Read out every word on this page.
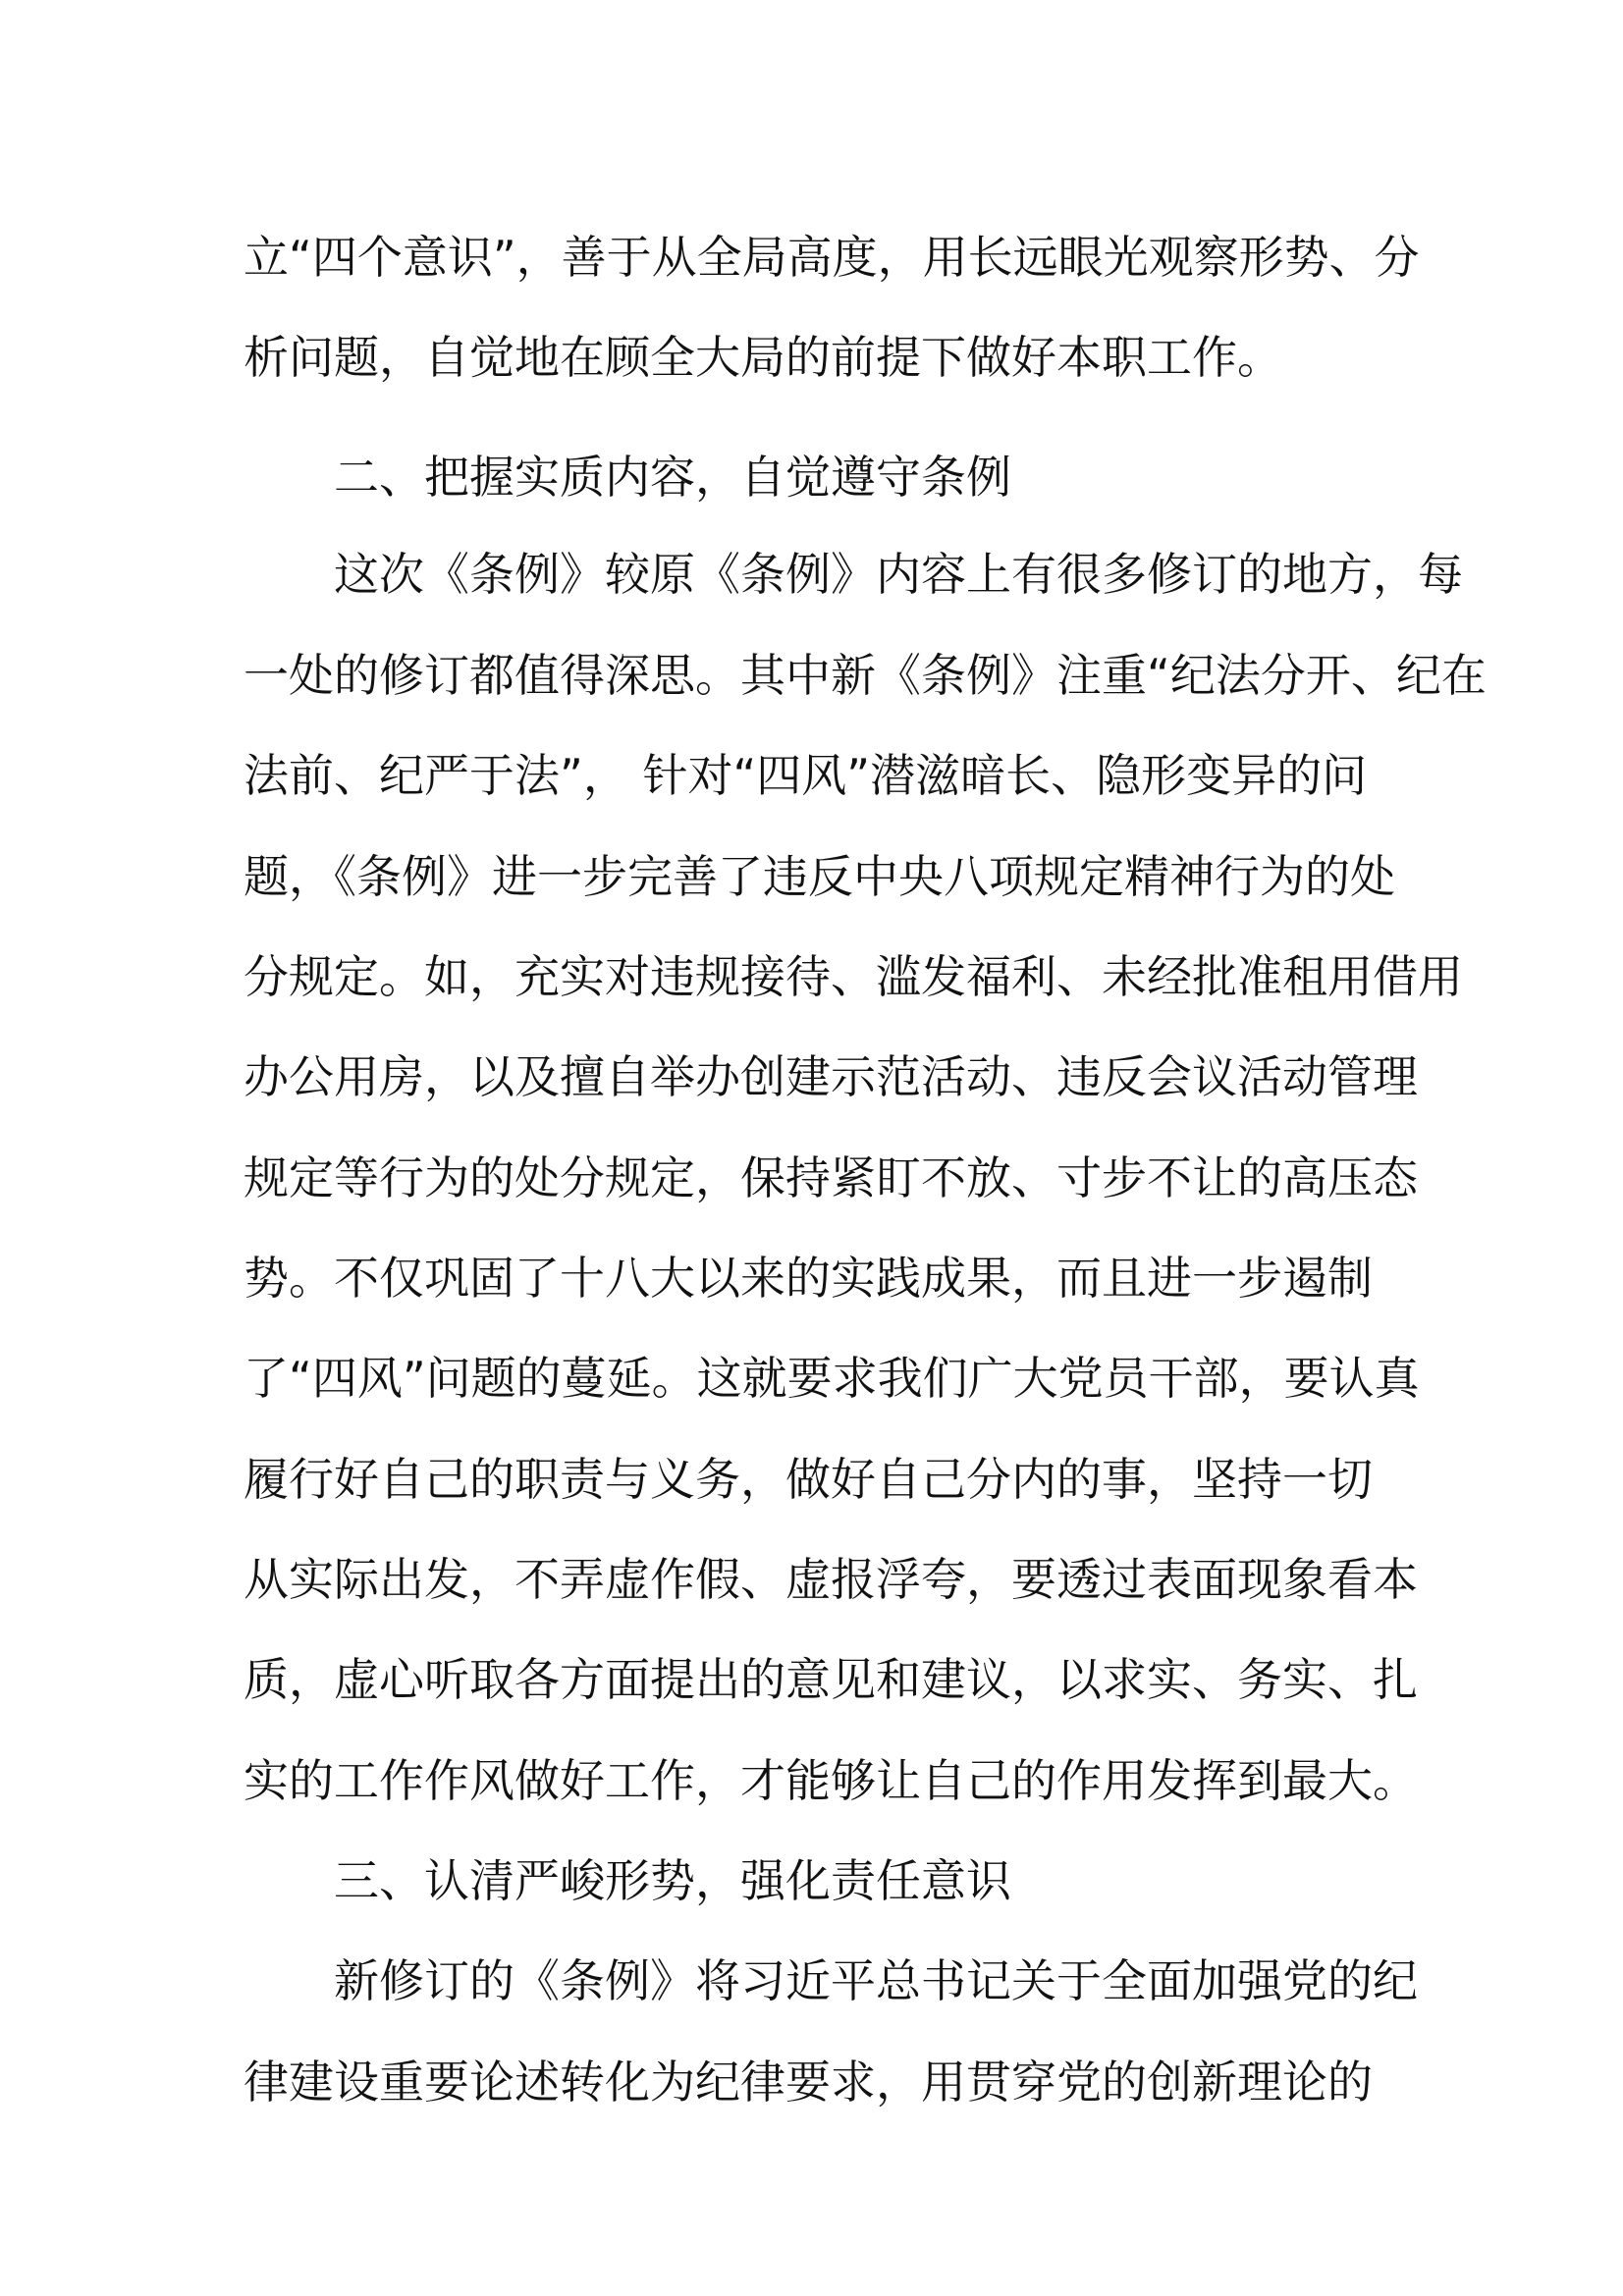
立“四个意识”，善于从全局高度，用长远眼光观察形势、分
析问题，自觉地在顾全大局的前提下做好本职工作。
二、把握实质内容，自觉遵守条例
这次《条例》较原《条例》内容上有很多修订的地方，每
一处的修订都值得深思。其中新《条例》注重“纪法分开、纪在
法前、纪严于法”， 针对“四风”潜滋暗长、隐形变异的问
题，《条例》进一步完善了违反中央八项规定精神行为的处
分规定。如，充实对违规接待、滥发福利、未经批准租用借用
办公用房，以及擅自举办创建示范活动、违反会议活动管理
规定等行为的处分规定，保持紧盯不放、寸步不让的高压态
势。不仅巩固了十八大以来的实践成果，而且进一步遏制
了“四风”问题的蔓延。这就要求我们广大党员干部，要认真
履行好自己的职责与义务，做好自己分内的事，坚持一切
从实际出发，不弄虚作假、虚报浮夸，要透过表面现象看本
质，虚心听取各方面提出的意见和建议，以求实、务实、扎
实的工作作风做好工作，才能够让自己的作用发挥到最大。
三、认清严峻形势，强化责任意识
新修订的《条例》将习近平总书记关于全面加强党的纪
律建设重要论述转化为纪律要求，用贯穿党的创新理论的
